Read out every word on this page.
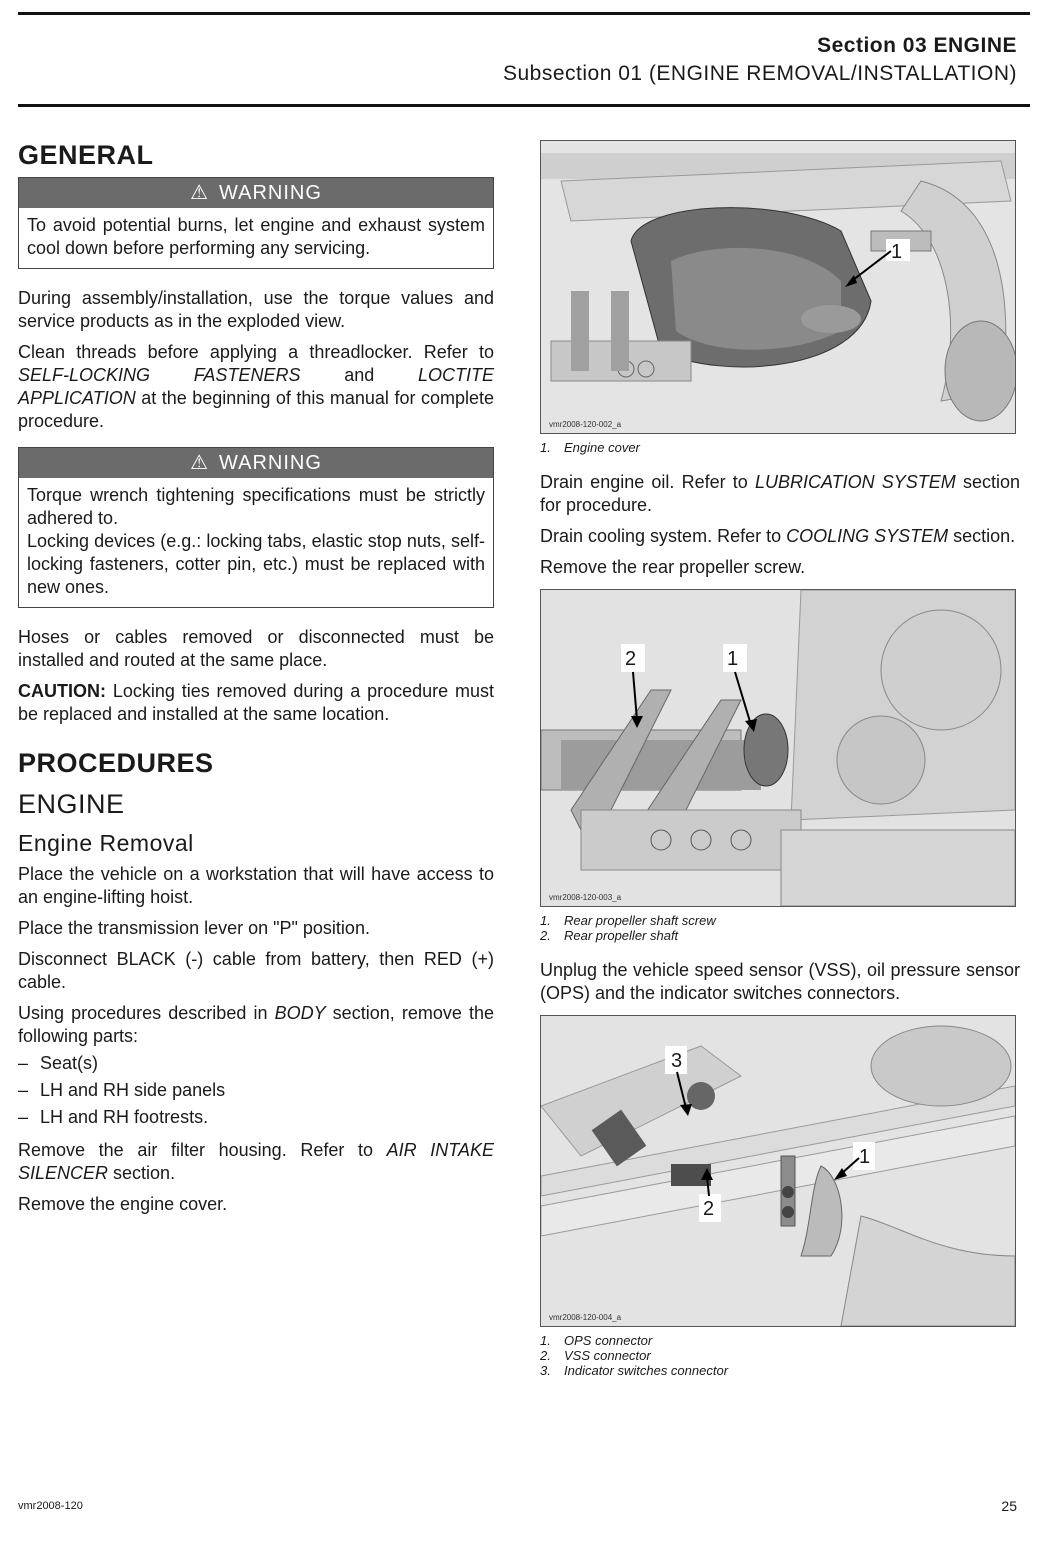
Section 03 ENGINE
Subsection 01 (ENGINE REMOVAL/INSTALLATION)
GENERAL
⚠ WARNING
To avoid potential burns, let engine and exhaust system cool down before performing any servicing.

During assembly/installation, use the torque values and service products as in the exploded view.

Clean threads before applying a threadlocker. Refer to SELF-LOCKING FASTENERS and LOCTITE APPLICATION at the beginning of this manual for complete procedure.

⚠ WARNING
Torque wrench tightening specifications must be strictly adhered to.
Locking devices (e.g.: locking tabs, elastic stop nuts, self-locking fasteners, cotter pin, etc.) must be replaced with new ones.

Hoses or cables removed or disconnected must be installed and routed at the same place.

CAUTION: Locking ties removed during a procedure must be replaced and installed at the same location.

PROCEDURES
ENGINE
Engine Removal

Place the vehicle on a workstation that will have access to an engine-lifting hoist.

Place the transmission lever on "P" position.

Disconnect BLACK (-) cable from battery, then RED (+) cable.

Using procedures described in BODY section, remove the following parts:

– Seat(s)
– LH and RH side panels
– LH and RH footrests.

Remove the air filter housing. Refer to AIR INTAKE SILENCER section.

Remove the engine cover.

1
vmr2008-120-002_a
1. Engine cover

Drain engine oil. Refer to LUBRICATION SYSTEM section for procedure.

Drain cooling system. Refer to COOLING SYSTEM section.

Remove the rear propeller screw.

2	1
vmr2008-120-003_a
1. Rear propeller shaft screw
2. Rear propeller shaft

Unplug the vehicle speed sensor (VSS), oil pressure sensor (OPS) and the indicator switches connectors.

3
1
2
vmr2008-120-004_a
1. OPS connector
2. VSS connector
3. Indicator switches connector
vmr2008-120	25
